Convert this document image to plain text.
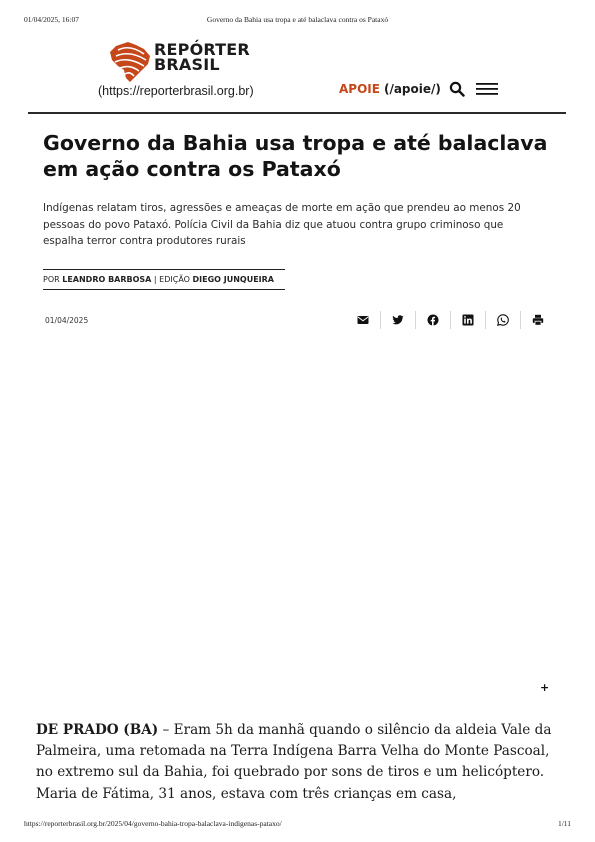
01/04/2025, 16:07	Governo da Bahia usa tropa e até balaclava contra os Pataxó
REPÓRTER
BRASIL
(https://reporterbrasil.org.br)	APOIE (/apoie/)
Governo da Bahia usa tropa e até balaclava em ação contra os Pataxó

Indígenas relatam tiros, agressões e ameaças de morte em ação que prendeu ao menos 20 pessoas do povo Pataxó. Polícia Civil da Bahia diz que atuou contra grupo criminoso que espalha terror contra produtores rurais

POR LEANDRO BARBOSA | EDIÇÃO DIEGO JUNQUEIRA
01/04/2025
+

DE PRADO (BA) – Eram 5h da manhã quando o silêncio da aldeia Vale da Palmeira, uma retomada na Terra Indígena Barra Velha do Monte Pascoal, no extremo sul da Bahia, foi quebrado por sons de tiros e um helicóptero. Maria de Fátima, 31 anos, estava com três crianças em casa,

https://reporterbrasil.org.br/2025/04/governo-bahia-tropa-balaclava-indigenas-pataxo/	1/11
